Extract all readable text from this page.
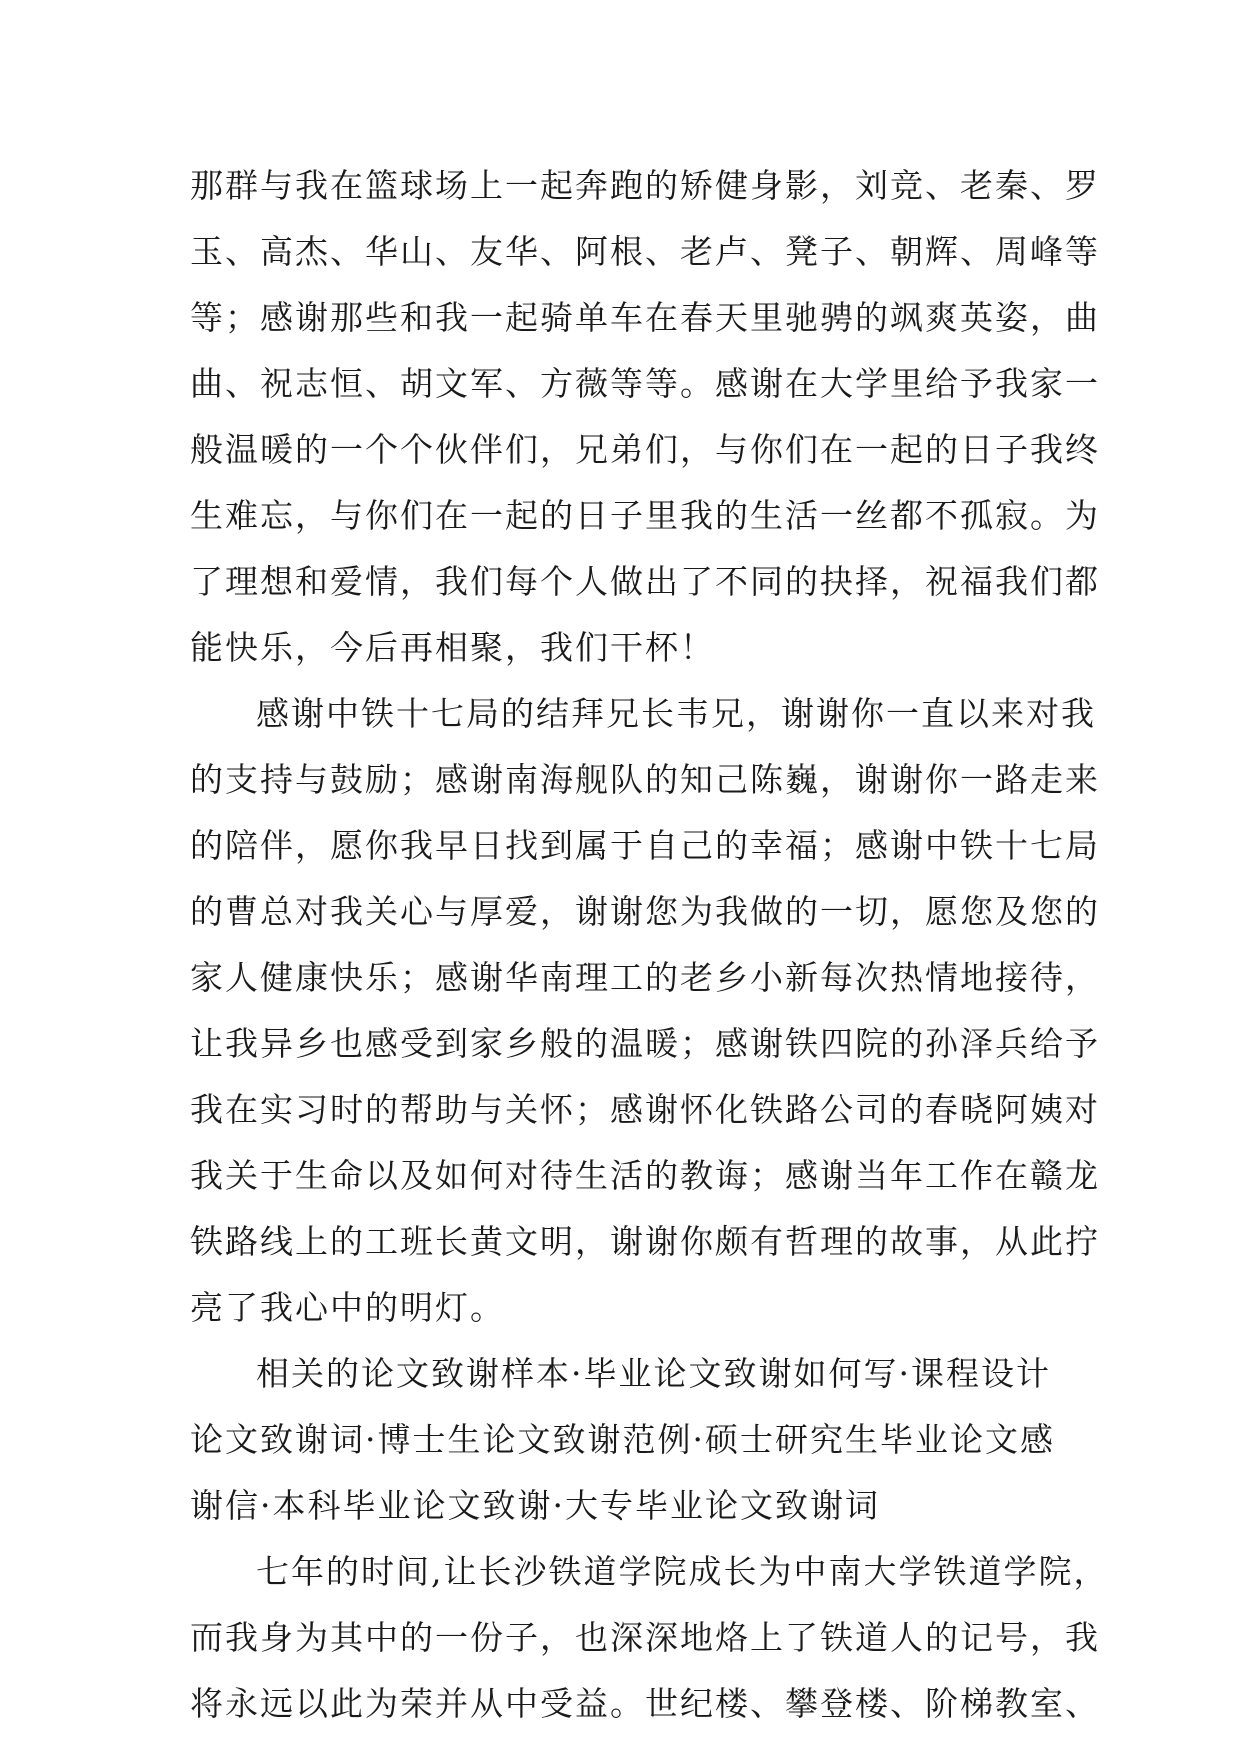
那群与我在篮球场上一起奔跑的矫健身影，刘竞、老秦、罗
玉、高杰、华山、友华、阿根、老卢、凳子、朝辉、周峰等
等；感谢那些和我一起骑单车在春天里驰骋的飒爽英姿，曲
曲、祝志恒、胡文军、方薇等等。感谢在大学里给予我家一
般温暖的一个个伙伴们，兄弟们，与你们在一起的日子我终
生难忘，与你们在一起的日子里我的生活一丝都不孤寂。为
了理想和爱情，我们每个人做出了不同的抉择，祝福我们都
能快乐，今后再相聚，我们干杯！
感谢中铁十七局的结拜兄长韦兄，谢谢你一直以来对我
的支持与鼓励；感谢南海舰队的知己陈巍，谢谢你一路走来
的陪伴，愿你我早日找到属于自己的幸福；感谢中铁十七局
的曹总对我关心与厚爱，谢谢您为我做的一切，愿您及您的
家人健康快乐；感谢华南理工的老乡小新每次热情地接待，
让我异乡也感受到家乡般的温暖；感谢铁四院的孙泽兵给予
我在实习时的帮助与关怀；感谢怀化铁路公司的春晓阿姨对
我关于生命以及如何对待生活的教诲；感谢当年工作在赣龙
铁路线上的工班长黄文明，谢谢你颇有哲理的故事，从此拧
亮了我心中的明灯。
相关的论文致谢样本·毕业论文致谢如何写·课程设计
论文致谢词·博士生论文致谢范例·硕士研究生毕业论文感
谢信·本科毕业论文致谢·大专毕业论文致谢词
七年的时间,让长沙铁道学院成长为中南大学铁道学院，
而我身为其中的一份子，也深深地烙上了铁道人的记号，我
将永远以此为荣并从中受益。世纪楼、攀登楼、阶梯教室、
